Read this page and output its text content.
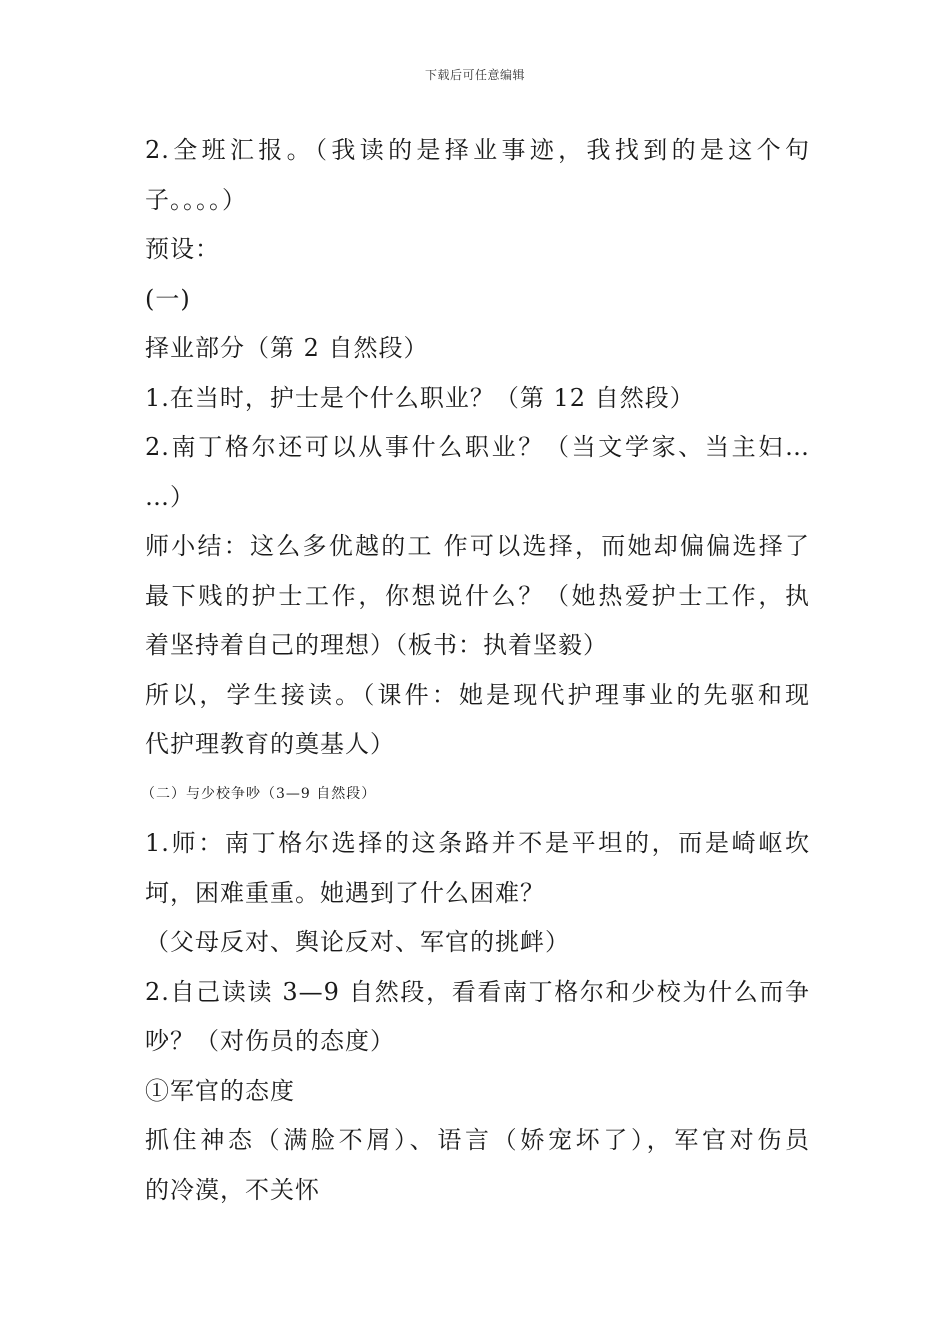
下载后可任意编辑
2.全班汇报。（我读的是择业事迹，我找到的是这个句
子。。。。）
预设：
(一)
择业部分（第 2 自然段）
1.在当时，护士是个什么职业？（第 12 自然段）
2.南丁格尔还可以从事什么职业？（当文学家、当主妇…
…）
师小结：这么多优越的工 作可以选择，而她却偏偏选择了
最下贱的护士工作，你想说什么？（她热爱护士工作，执
着坚持着自己的理想）（板书：执着坚毅）
所以，学生接读。（课件：她是现代护理事业的先驱和现
代护理教育的奠基人）
（二）与少校争吵（3—9 自然段）
1.师：南丁格尔选择的这条路并不是平坦的，而是崎岖坎
坷，困难重重。她遇到了什么困难？
（父母反对、舆论反对、军官的挑衅）
2.自己读读 3—9 自然段，看看南丁格尔和少校为什么而争
吵？（对伤员的态度）
①军官的态度
抓住神态（满脸不屑）、语言（娇宠坏了），军官对伤员
的冷漠，不关怀
